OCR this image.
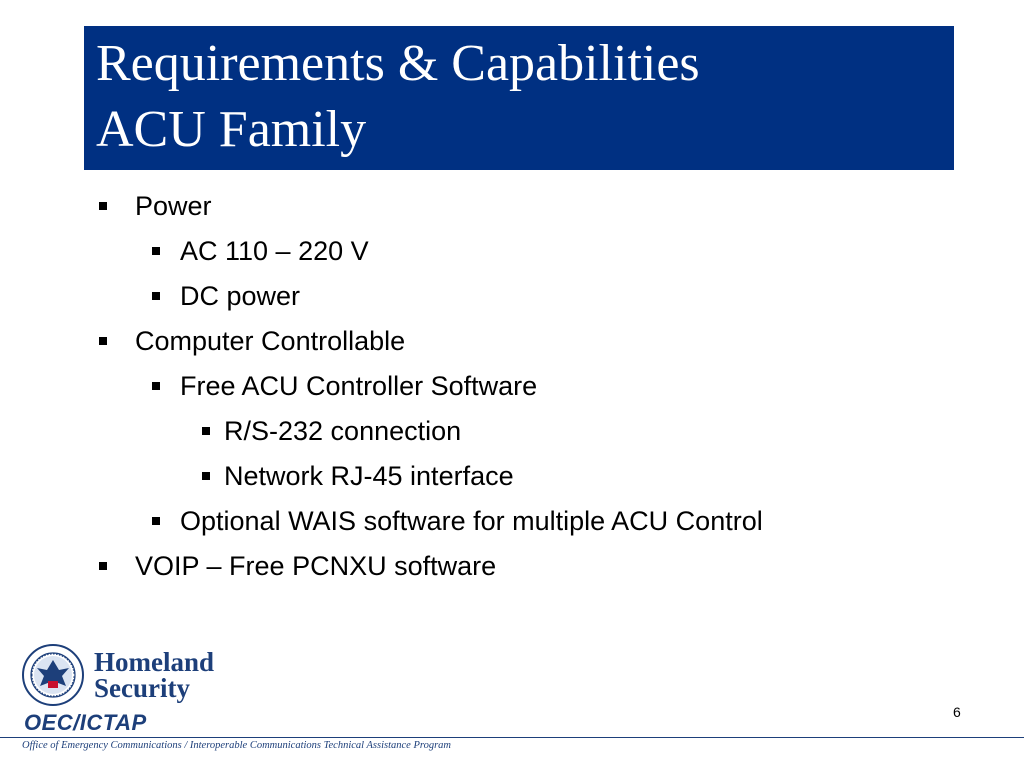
Requirements & Capabilities
ACU Family
Power
AC 110 – 220 V
DC power
Computer Controllable
Free ACU Controller Software
R/S-232 connection
Network RJ-45 interface
Optional WAIS software for multiple ACU Control
VOIP – Free PCNXU software
Homeland
Security
OEC/ICTAP
Office of Emergency Communications / Interoperable Communications Technical Assistance Program
6
